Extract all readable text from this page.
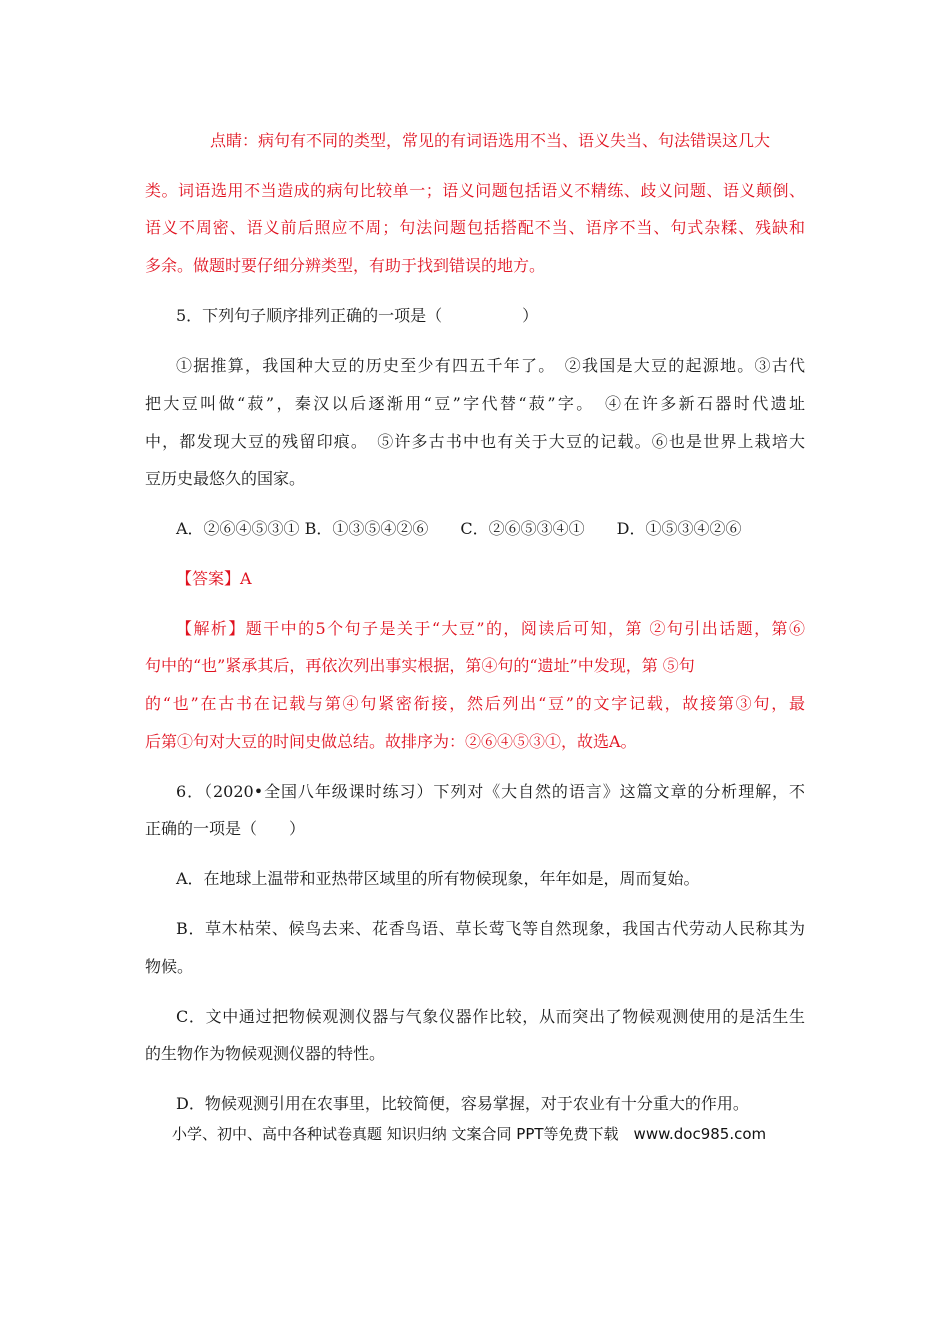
点睛：病句有不同的类型，常见的有词语选用不当、语义失当、句法错误这几大
类。词语选用不当造成的病句比较单一；语义问题包括语义不精练、歧义问题、语义颠倒、
语义不周密、语义前后照应不周；句法问题包括搭配不当、语序不当、句式杂糅、残缺和
多余。做题时要仔细分辨类型，有助于找到错误的地方。
5．下列句子顺序排列正确的一项是（　　　　　）
①据推算，我国种大豆的历史至少有四五千年了。　②我国是大豆的起源地。③古代
把大豆叫做“菽”，秦汉以后逐渐用“豆”字代替“菽”字。　④在许多新石器时代遗址
中，都发现大豆的残留印痕。　⑤许多古书中也有关于大豆的记载。⑥也是世界上栽培大
豆历史最悠久的国家。
A．②⑥④⑤③① B．①③⑤④②⑥　　C．②⑥⑤③④①　　D．①⑤③④②⑥
【答案】A
【解析】题干中的5个句子是关于“大豆”的，阅读后可知，第 ②句引出话题，第⑥
句中的“也”紧承其后，再依次列出事实根据，第④句的“遗址”中发现，第 ⑤句
的“也”在古书在记载与第④句紧密衔接，然后列出“豆”的文字记载，故接第③句，最
后第①句对大豆的时间史做总结。故排序为：②⑥④⑤③①，故选A。
6．（2020•全国八年级课时练习）下列对《大自然的语言》这篇文章的分析理解，不
正确的一项是（　　）
A．在地球上温带和亚热带区域里的所有物候现象，年年如是，周而复始。
B．草木枯荣、候鸟去来、花香鸟语、草长莺飞等自然现象，我国古代劳动人民称其为
物候。
C．文中通过把物候观测仪器与气象仪器作比较，从而突出了物候观测使用的是活生生
的生物作为物候观测仪器的特性。
D．物候观测引用在农事里，比较简便，容易掌握，对于农业有十分重大的作用。
小学、初中、高中各种试卷真题 知识归纳 文案合同 PPT等免费下载　www.doc985.com
